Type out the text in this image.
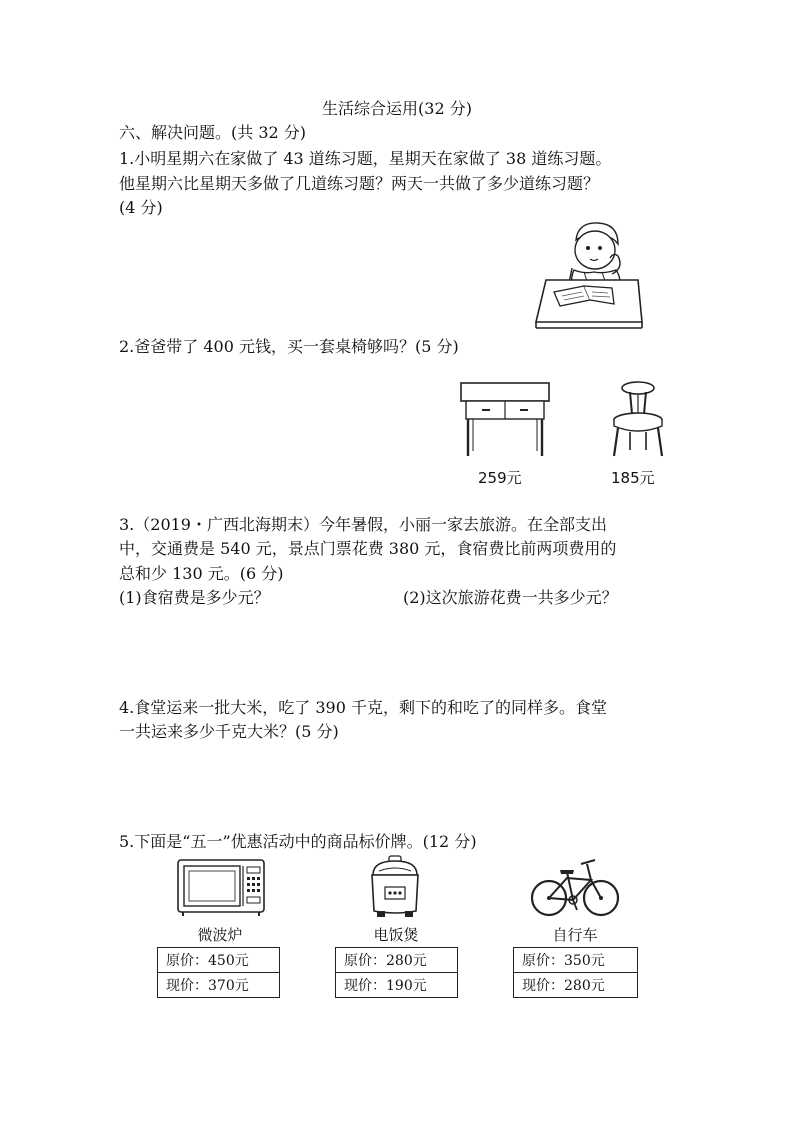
生活综合运用(32 分)
六、解决问题。(共 32 分)
1.小明星期六在家做了 43 道练习题，星期天在家做了 38 道练习题。
他星期六比星期天多做了几道练习题？两天一共做了多少道练习题？
(4 分)
2.爸爸带了 400 元钱，买一套桌椅够吗？(5 分)
259元	185元
3.（2019・广西北海期末）今年暑假，小丽一家去旅游。在全部支出
中，交通费是 540 元，景点门票花费 380 元，食宿费比前两项费用的
总和少 130 元。(6 分)
(1)食宿费是多少元？	(2)这次旅游花费一共多少元？
4.食堂运来一批大米，吃了 390 千克，剩下的和吃了的同样多。食堂
一共运来多少千克大米？(5 分)
5.下面是“五一”优惠活动中的商品标价牌。(12 分)
微波炉	电饭煲	自行车
原价：450元
现价：370元
原价：280元
现价：190元
原价：350元
现价：280元
